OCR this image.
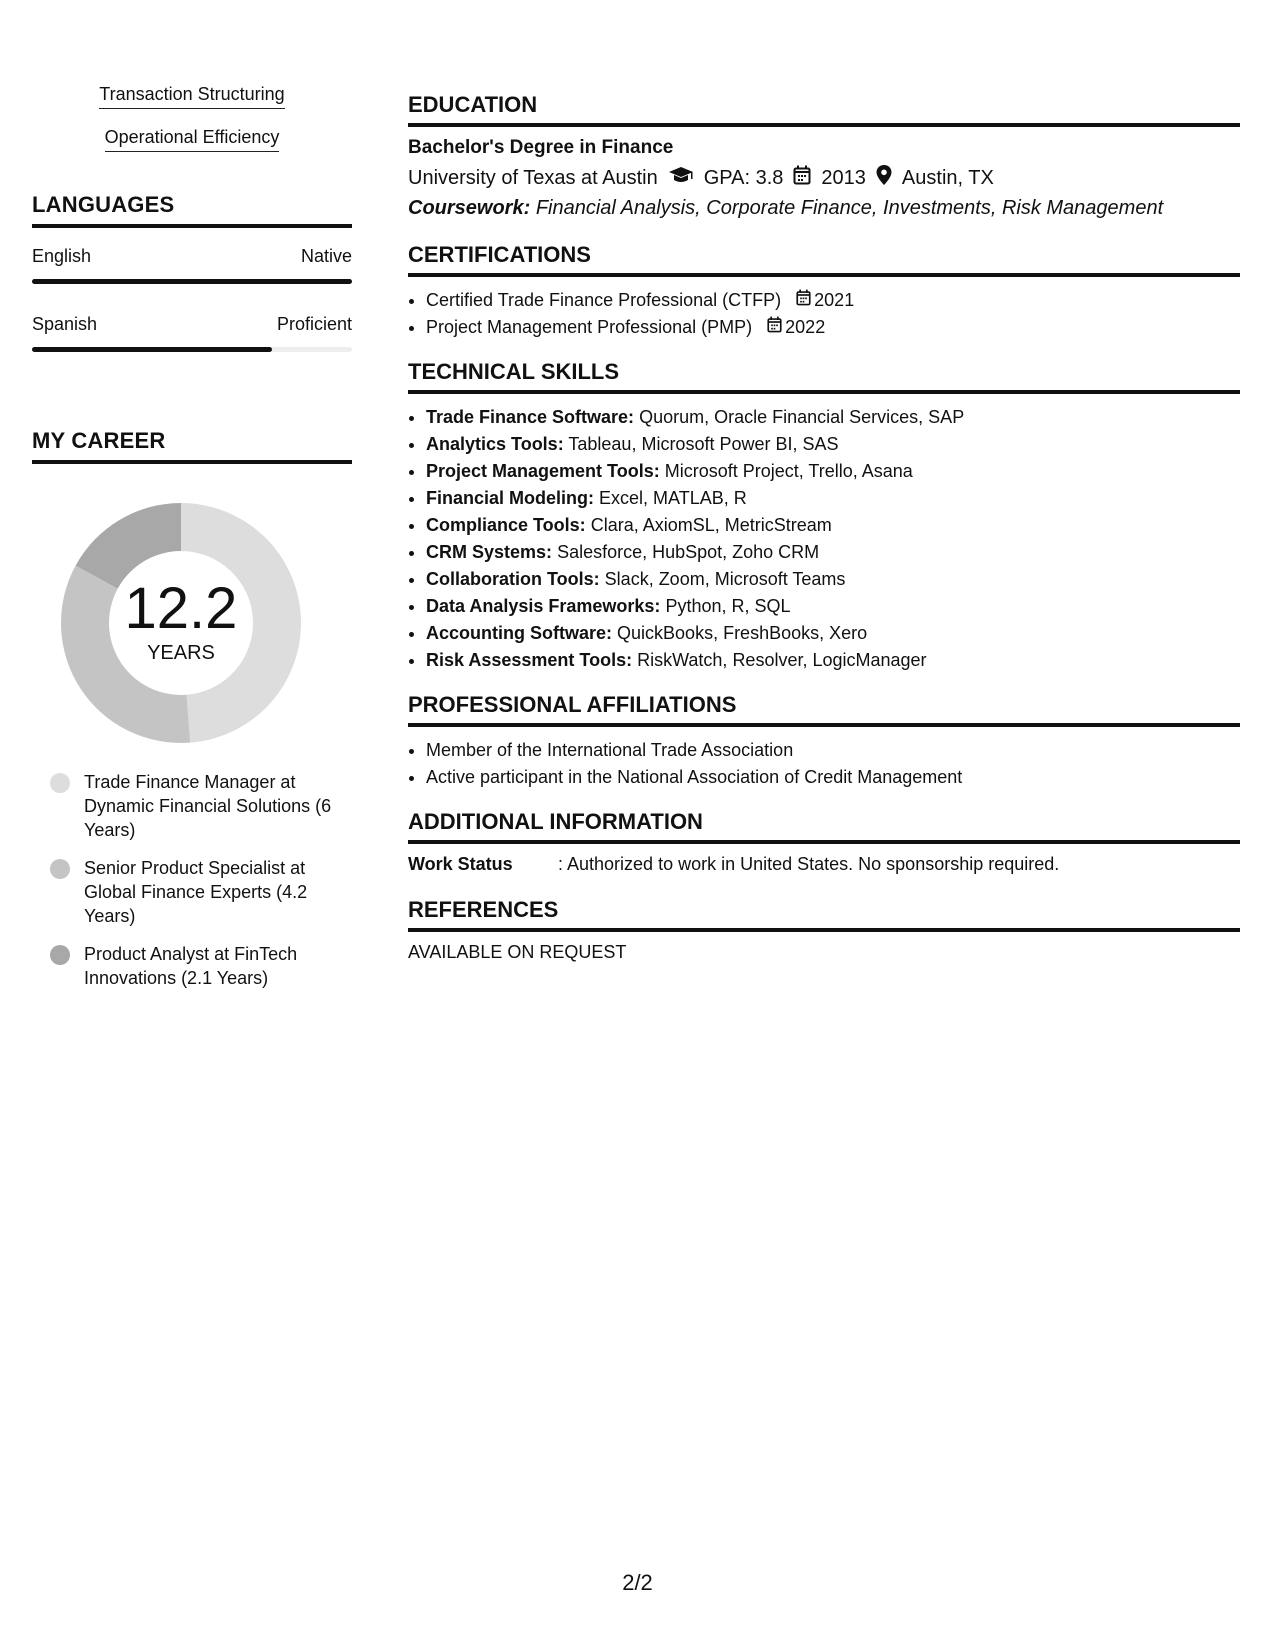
Transaction Structuring
Operational Efficiency
LANGUAGES
English	Native
Spanish	Proficient
MY CAREER
12.2
YEARS
Trade Finance Manager at Dynamic Financial Solutions (6 Years)
Senior Product Specialist at Global Finance Experts (4.2 Years)
Product Analyst at FinTech Innovations (2.1 Years)
EDUCATION
Bachelor's Degree in Finance
University of Texas at Austin GPA: 3.8 2013 Austin, TX
Coursework: Financial Analysis, Corporate Finance, Investments, Risk Management
CERTIFICATIONS
• Certified Trade Finance Professional (CTFP) 2021
• Project Management Professional (PMP) 2022
TECHNICAL SKILLS
• Trade Finance Software: Quorum, Oracle Financial Services, SAP
• Analytics Tools: Tableau, Microsoft Power BI, SAS
• Project Management Tools: Microsoft Project, Trello, Asana
• Financial Modeling: Excel, MATLAB, R
• Compliance Tools: Clara, AxiomSL, MetricStream
• CRM Systems: Salesforce, HubSpot, Zoho CRM
• Collaboration Tools: Slack, Zoom, Microsoft Teams
• Data Analysis Frameworks: Python, R, SQL
• Accounting Software: QuickBooks, FreshBooks, Xero
• Risk Assessment Tools: RiskWatch, Resolver, LogicManager
PROFESSIONAL AFFILIATIONS
• Member of the International Trade Association
• Active participant in the National Association of Credit Management
ADDITIONAL INFORMATION
Work Status	: Authorized to work in United States. No sponsorship required.
REFERENCES
AVAILABLE ON REQUEST
2/2
